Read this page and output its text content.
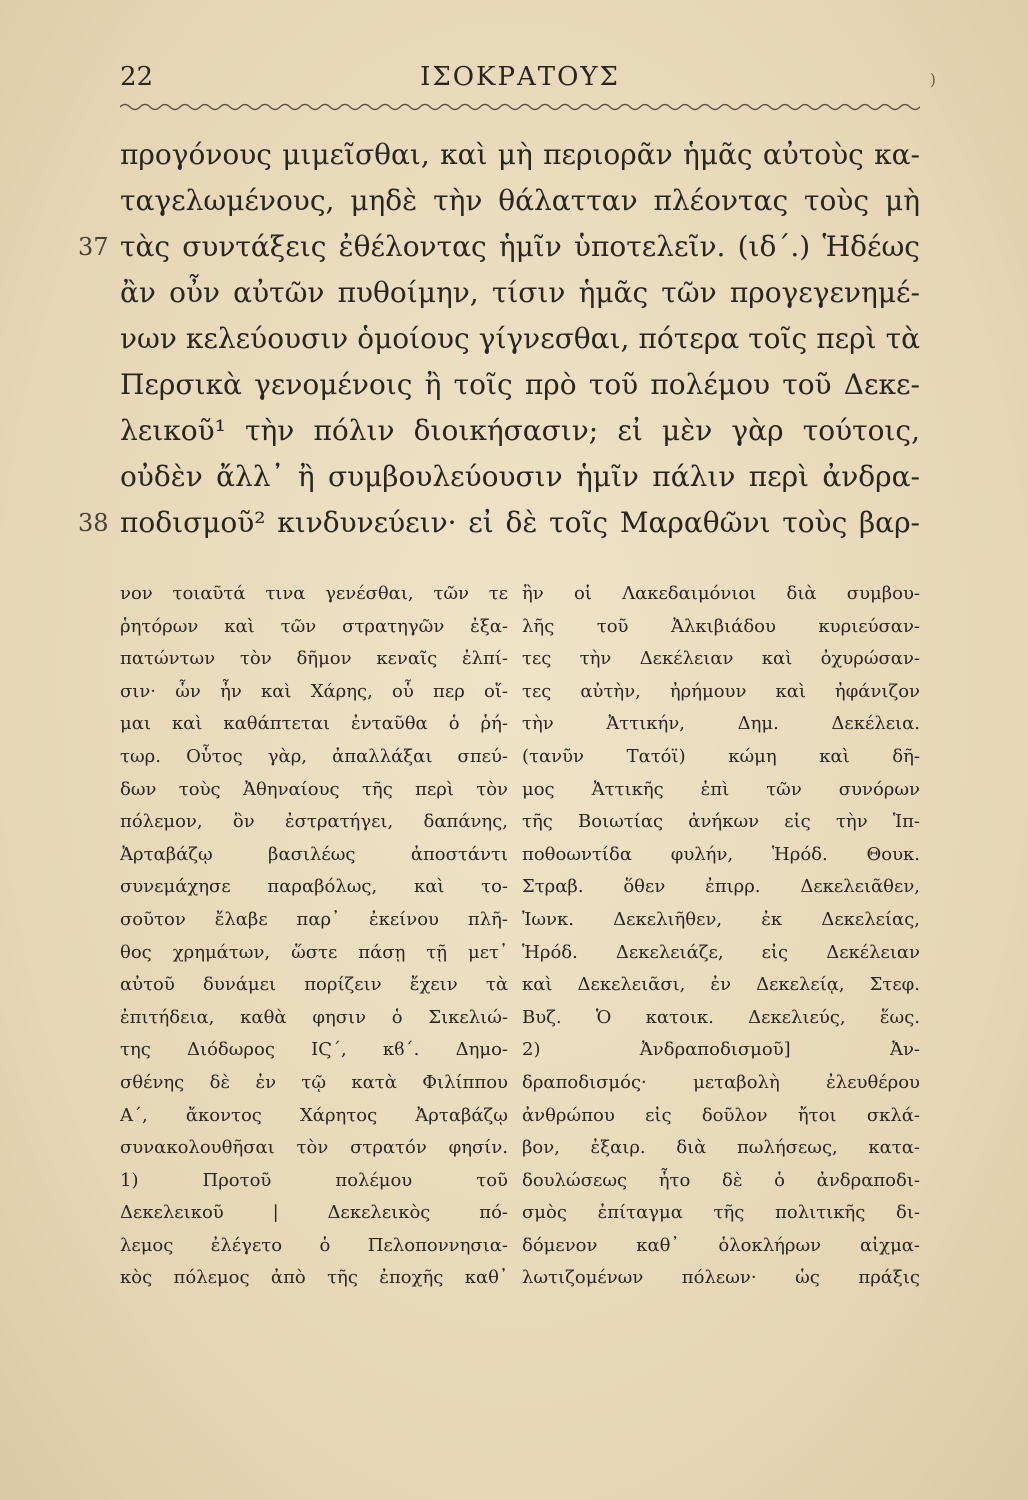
22	ΙΣΟΚΡΑΤΟΥΣ	)
προγόνους μιμεῖσθαι, καὶ μὴ περιορᾶν ἡμᾶς αὐτοὺς κα-
ταγελωμένους, μηδὲ τὴν θάλατταν πλέοντας τοὺς μὴ
37 τὰς συντάξεις ἐθέλοντας ἡμῖν ὑποτελεῖν. (ιδ΄.) Ἡδέως
ἂν οὖν αὐτῶν πυθοίμην, τίσιν ἡμᾶς τῶν προγεγενημέ-
νων κελεύουσιν ὁμοίους γίγνεσθαι, πότερα τοῖς περὶ τὰ
Περσικὰ γενομένοις ἢ τοῖς πρὸ τοῦ πολέμου τοῦ Δεκε-
λεικοῦ¹ τὴν πόλιν διοικήσασιν; εἰ μὲν γὰρ τούτοις,
οὐδὲν ἄλλ᾽ ἢ συμβουλεύουσιν ἡμῖν πάλιν περὶ ἀνδρα-
38 ποδισμοῦ² κινδυνεύειν· εἰ δὲ τοῖς Μαραθῶνι τοὺς βαρ-
νον τοιαῦτά τινα γενέσθαι, τῶν τε
ῥητόρων καὶ τῶν στρατηγῶν ἐξα-
πατώντων τὸν δῆμον κεναῖς ἐλπί-
σιν· ὧν ἦν καὶ Χάρης, οὗ περ οἴ-
μαι καὶ καθάπτεται ἐνταῦθα ὁ ῥή-
τωρ. Οὗτος γὰρ, ἀπαλλάξαι σπεύ-
δων τοὺς Ἀθηναίους τῆς περὶ τὸν
πόλεμον, ὃν ἐστρατήγει, δαπάνης,
Ἀρταβάζῳ βασιλέως ἀποστάντι
συνεμάχησε παραβόλως, καὶ το-
σοῦτον ἔλαβε παρ᾽ ἐκείνου πλῆ-
θος χρημάτων, ὥστε πάσῃ τῇ μετ᾽
αὐτοῦ δυνάμει πορίζειν ἔχειν τὰ
ἐπιτήδεια, καθὰ φησιν ὁ Σικελιώ-
της Διόδωρος ΙϚ΄, κϐ΄. Δημο-
σθένης δὲ ἐν τῷ κατὰ Φιλίππου
Α΄, ἄκοντος Χάρητος Ἀρταβάζῳ
συνακολουθῆσαι τὸν στρατόν φησίν.
1) Προτοῦ πολέμου τοῦ
Δεκελεικοῦ | Δεκελεικὸς πό-
λεμος ἐλέγετο ὁ Πελοποννησια-
κὸς πόλεμος ἀπὸ τῆς ἐποχῆς καθ᾽
ἣν οἱ Λακεδαιμόνιοι διὰ συμβου-
λῆς τοῦ Ἀλκιβιάδου κυριεύσαν-
τες τὴν Δεκέλειαν καὶ ὀχυρώσαν-
τες αὐτὴν, ἠρήμουν καὶ ἠφάνιζον
τὴν Ἀττικήν, Δημ. Δεκέλεια.
(τανῦν Τατόϊ) κώμη καὶ δῆ-
μος Ἀττικῆς ἐπὶ τῶν συνόρων
τῆς Βοιωτίας ἀνήκων εἰς τὴν Ἱπ-
ποθοωντίδα φυλήν, Ἡρόδ. Θουκ.
Στραβ. ὅθεν ἐπιρρ. Δεκελειᾶθεν,
Ἰωνκ. Δεκελιῆθεν, ἐκ Δεκελείας,
Ἡρόδ. Δεκελειάζε, εἰς Δεκέλειαν
καὶ Δεκελειᾶσι, ἐν Δεκελείᾳ, Στεφ.
Βυζ. Ὁ κατοικ. Δεκελιεύς, ἕως.
2) Ἀνδραποδισμοῦ] Ἀν-
δραποδισμός· μεταβολὴ ἐλευθέρου
ἀνθρώπου εἰς δοῦλον ἤτοι σκλά-
βον, ἐξαιρ. διὰ πωλήσεως, κατα-
δουλώσεως ἦτο δὲ ὁ ἀνδραποδι-
σμὸς ἐπίταγμα τῆς πολιτικῆς δι-
δόμενον καθ᾽ ὁλοκλήρων αἰχμα-
λωτιζομένων πόλεων· ὡς πράξις
